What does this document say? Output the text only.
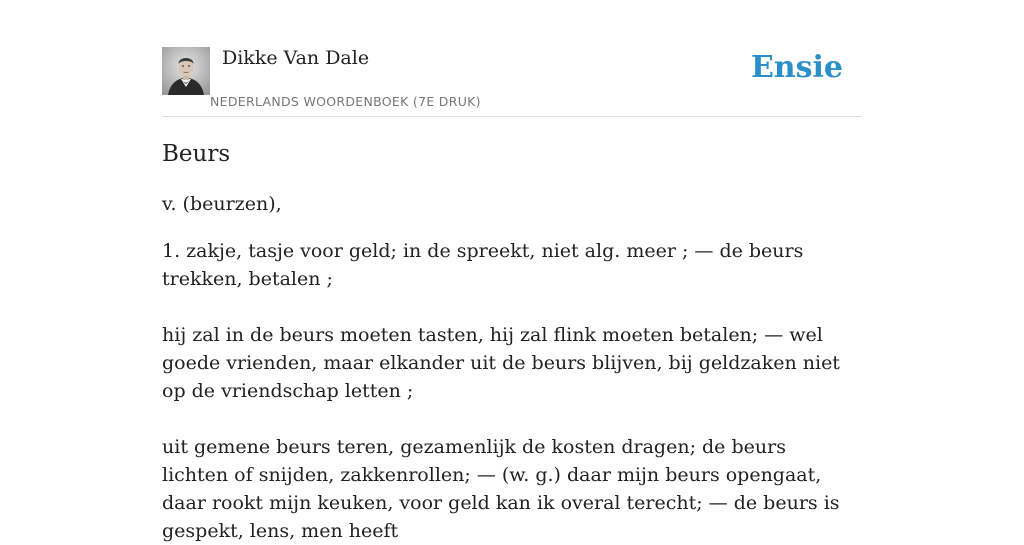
Dikke Van Dale
NEDERLANDS WOORDENBOEK (7E DRUK)
Ensie
Beurs

v. (beurzen),

1. zakje, tasje voor geld; in de spreekt, niet alg. meer ; — de beurs trekken, betalen ;

hij zal in de beurs moeten tasten, hij zal flink moeten betalen; — wel goede vrienden, maar elkander uit de beurs blijven, bij geldzaken niet op de vriendschap letten ;

uit gemene beurs teren, gezamenlijk de kosten dragen; de beurs lichten of snijden, zakkenrollen; — (w. g.) daar mijn beurs opengaat, daar rookt mijn keuken, voor geld kan ik overal terecht; — de beurs is gespekt, lens, men heeft
